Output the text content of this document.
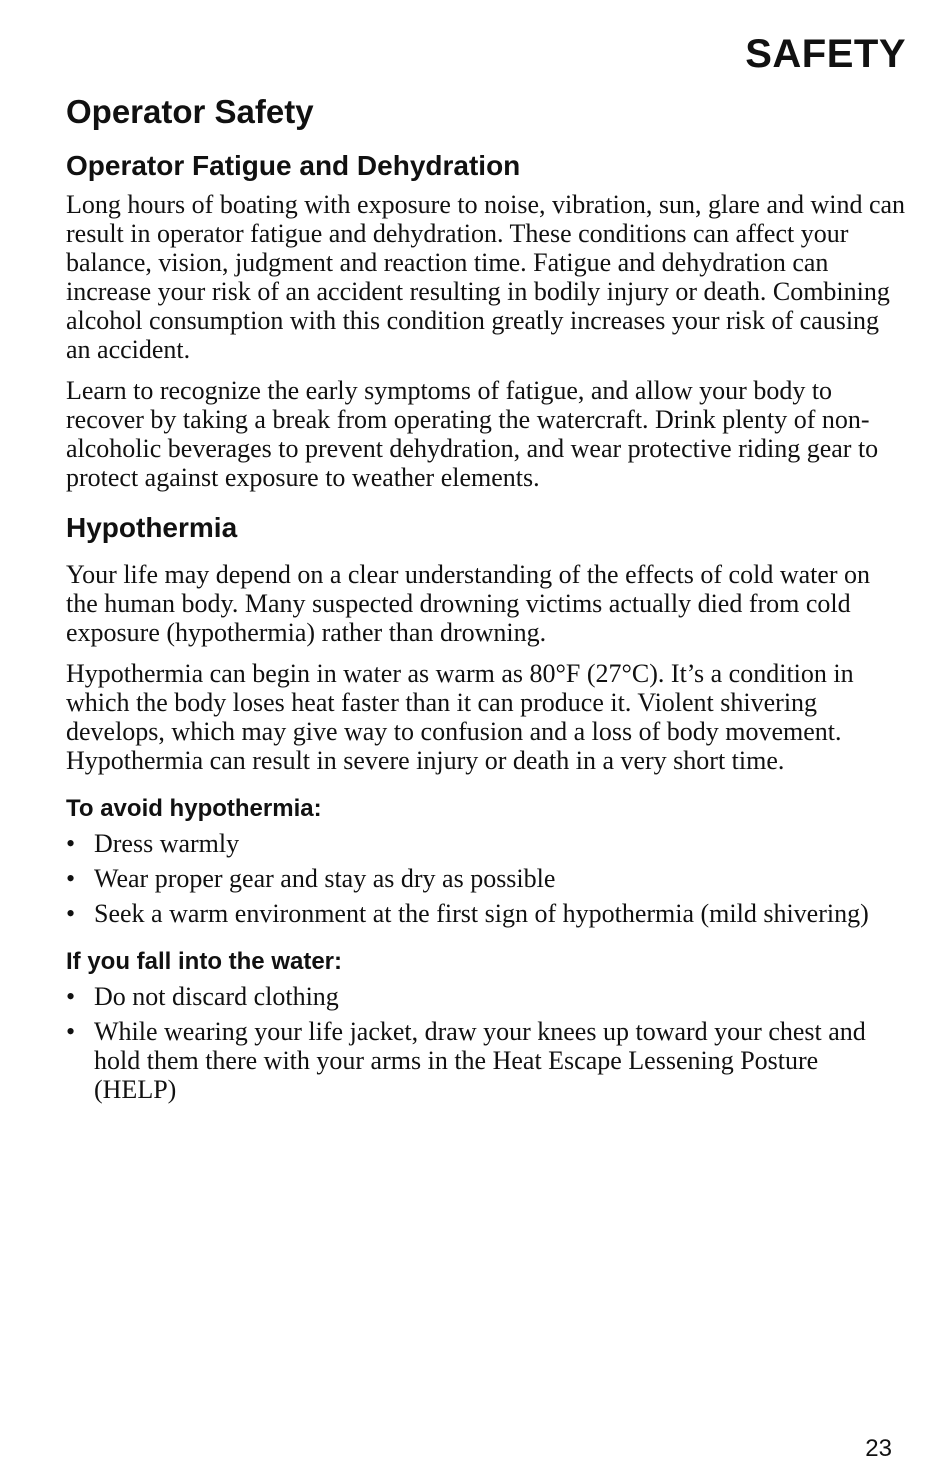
SAFETY
Operator Safety
Operator Fatigue and Dehydration

Long hours of boating with exposure to noise, vibration, sun, glare and wind can result in operator fatigue and dehydration. These conditions can affect your balance, vision, judgment and reaction time. Fatigue and dehydration can increase your risk of an accident resulting in bodily injury or death. Combining alcohol consumption with this condition greatly increases your risk of causing an accident.

Learn to recognize the early symptoms of fatigue, and allow your body to recover by taking a break from operating the watercraft. Drink plenty of non-alcoholic beverages to prevent dehydration, and wear protective riding gear to protect against exposure to weather elements.

Hypothermia

Your life may depend on a clear understanding of the effects of cold water on the human body. Many suspected drowning victims actually died from cold exposure (hypothermia) rather than drowning.

Hypothermia can begin in water as warm as 80°F (27°C). It’s a condition in which the body loses heat faster than it can produce it. Violent shivering develops, which may give way to confusion and a loss of body movement. Hypothermia can result in severe injury or death in a very short time.

To avoid hypothermia:
• Dress warmly
• Wear proper gear and stay as dry as possible
• Seek a warm environment at the first sign of hypothermia (mild shivering)
If you fall into the water:
• Do not discard clothing
• While wearing your life jacket, draw your knees up toward your chest and hold them there with your arms in the Heat Escape Lessening Posture (HELP)

23
